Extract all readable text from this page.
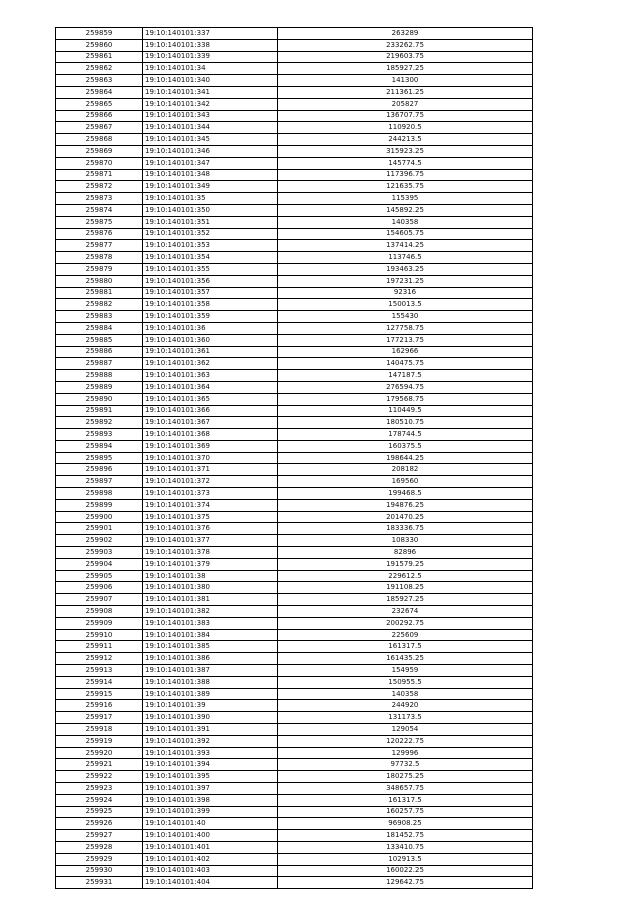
259859	19:10:140101:337	263289
259860	19:10:140101:338	233262.75
259861	19:10:140101:339	219603.75
259862	19:10:140101:34	185927.25
259863	19:10:140101:340	141300
259864	19:10:140101:341	211361.25
259865	19:10:140101:342	205827
259866	19:10:140101:343	136707.75
259867	19:10:140101:344	110920.5
259868	19:10:140101:345	244213.5
259869	19:10:140101:346	315923.25
259870	19:10:140101:347	145774.5
259871	19:10:140101:348	117396.75
259872	19:10:140101:349	121635.75
259873	19:10:140101:35	115395
259874	19:10:140101:350	145892.25
259875	19:10:140101:351	140358
259876	19:10:140101:352	154605.75
259877	19:10:140101:353	137414.25
259878	19:10:140101:354	113746.5
259879	19:10:140101:355	193463.25
259880	19:10:140101:356	197231.25
259881	19:10:140101:357	92316
259882	19:10:140101:358	150013.5
259883	19:10:140101:359	155430
259884	19:10:140101:36	127758.75
259885	19:10:140101:360	177213.75
259886	19:10:140101:361	162966
259887	19:10:140101:362	140475.75
259888	19:10:140101:363	147187.5
259889	19:10:140101:364	276594.75
259890	19:10:140101:365	179568.75
259891	19:10:140101:366	110449.5
259892	19:10:140101:367	180510.75
259893	19:10:140101:368	178744.5
259894	19:10:140101:369	160375.5
259895	19:10:140101:370	198644.25
259896	19:10:140101:371	208182
259897	19:10:140101:372	169560
259898	19:10:140101:373	199468.5
259899	19:10:140101:374	194876.25
259900	19:10:140101:375	201470.25
259901	19:10:140101:376	183336.75
259902	19:10:140101:377	108330
259903	19:10:140101:378	82896
259904	19:10:140101:379	191579.25
259905	19:10:140101:38	229612.5
259906	19:10:140101:380	191108.25
259907	19:10:140101:381	185927.25
259908	19:10:140101:382	232674
259909	19:10:140101:383	200292.75
259910	19:10:140101:384	225609
259911	19:10:140101:385	161317.5
259912	19:10:140101:386	161435.25
259913	19:10:140101:387	154959
259914	19:10:140101:388	150955.5
259915	19:10:140101:389	140358
259916	19:10:140101:39	244920
259917	19:10:140101:390	131173.5
259918	19:10:140101:391	129054
259919	19:10:140101:392	120222.75
259920	19:10:140101:393	129996
259921	19:10:140101:394	97732.5
259922	19:10:140101:395	180275.25
259923	19:10:140101:397	348657.75
259924	19:10:140101:398	161317.5
259925	19:10:140101:399	160257.75
259926	19:10:140101:40	96908.25
259927	19:10:140101:400	181452.75
259928	19:10:140101:401	133410.75
259929	19:10:140101:402	102913.5
259930	19:10:140101:403	160022.25
259931	19:10:140101:404	129642.75
